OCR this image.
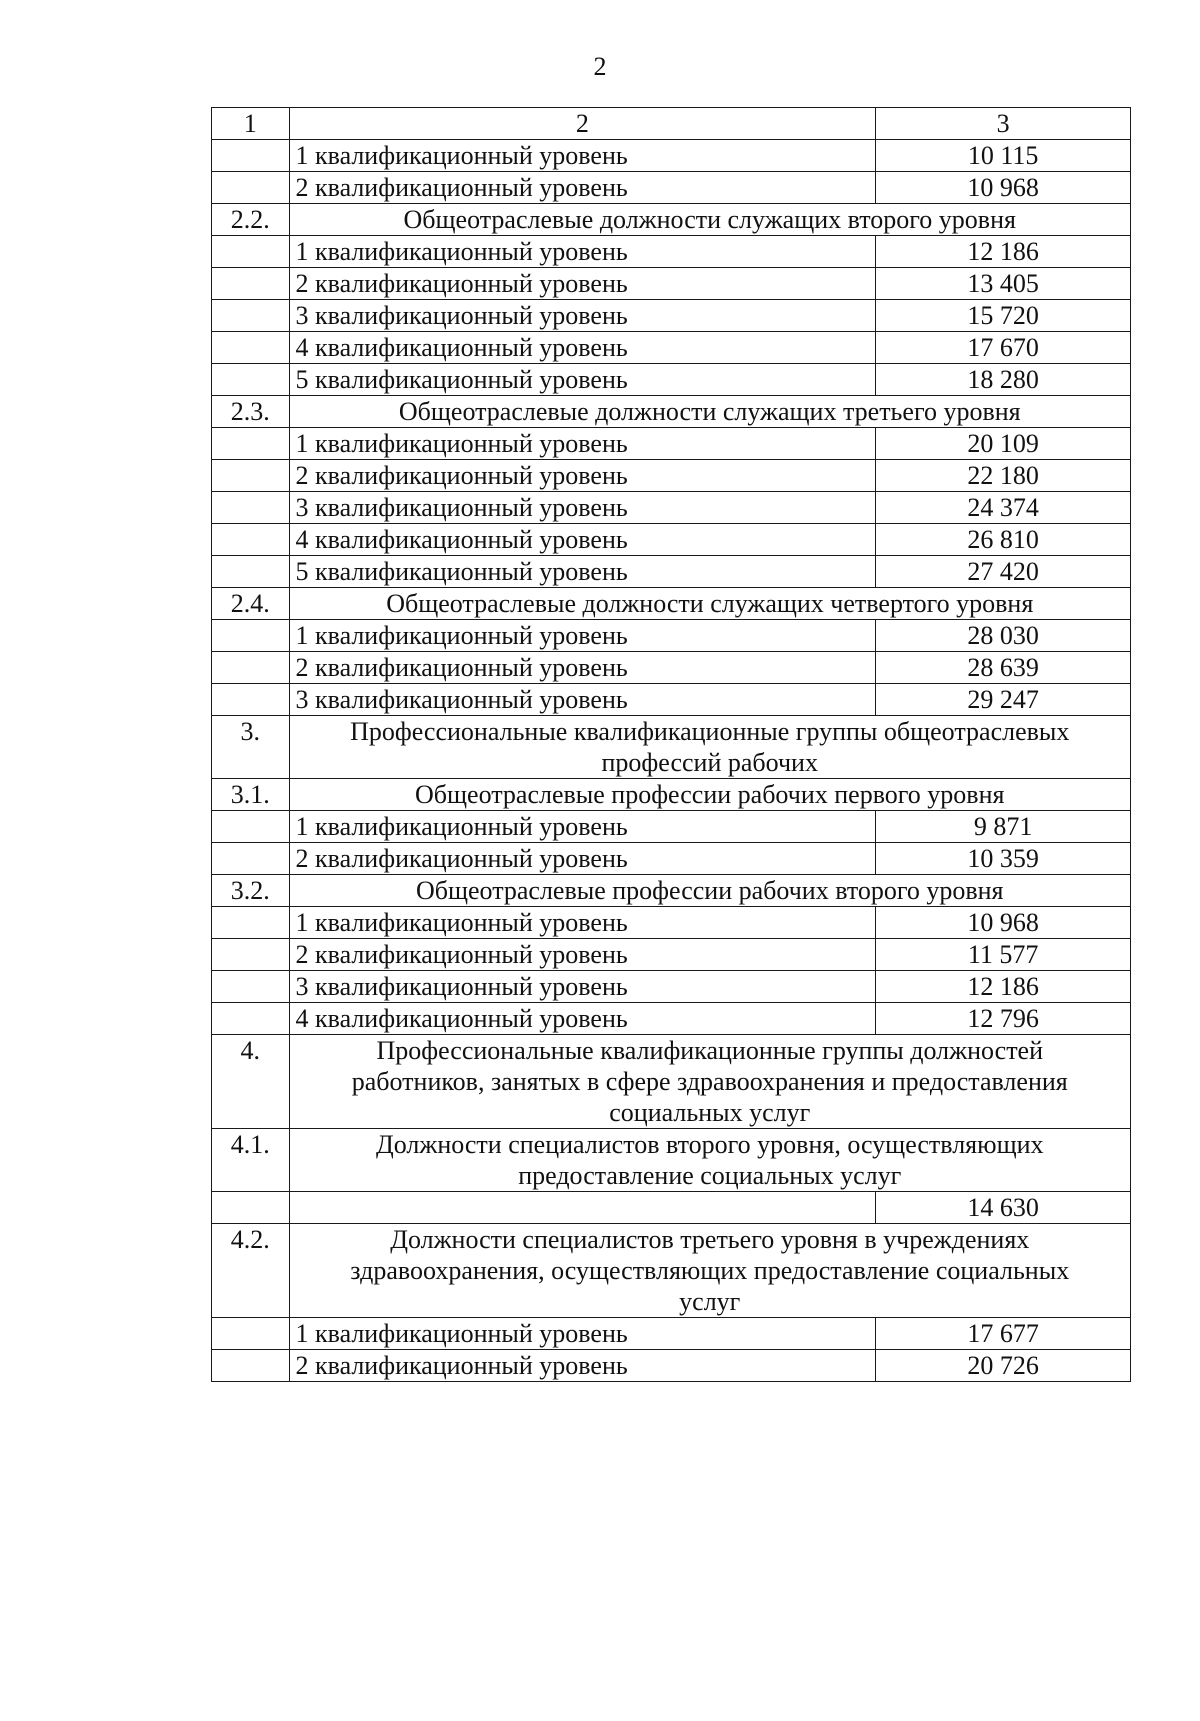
2
1	2	3
	1 квалификационный уровень	10 115
	2 квалификационный уровень	10 968
2.2.	Общеотраслевые должности служащих второго уровня	

	1 квалификационный уровень	12 186
	2 квалификационный уровень	13 405
	3 квалификационный уровень	15 720
	4 квалификационный уровень	17 670
	5 квалификационный уровень	18 280
2.3.	Общеотраслевые должности служащих третьего уровня	

	1 квалификационный уровень	20 109
	2 квалификационный уровень	22 180
	3 квалификационный уровень	24 374
	4 квалификационный уровень	26 810
	5 квалификационный уровень	27 420
2.4.	Общеотраслевые должности служащих четвертого уровня	

	1 квалификационный уровень	28 030
	2 квалификационный уровень	28 639
	3 квалификационный уровень	29 247
3.	Профессиональные квалификационные группы общеотраслевых
профессий рабочих	

3.1.	Общеотраслевые профессии рабочих первого уровня	

	1 квалификационный уровень	9 871
	2 квалификационный уровень	10 359
3.2.	Общеотраслевые профессии рабочих второго уровня	

	1 квалификационный уровень	10 968
	2 квалификационный уровень	11 577
	3 квалификационный уровень	12 186
	4 квалификационный уровень	12 796
4.	Профессиональные квалификационные группы должностей
работников, занятых в сфере здравоохранения и предоставления
социальных услуг	

4.1.	Должности специалистов второго уровня, осуществляющих
предоставление социальных услуг	

		14 630
4.2.	Должности специалистов третьего уровня в учреждениях
здравоохранения, осуществляющих предоставление социальных
услуг	

	1 квалификационный уровень	17 677
	2 квалификационный уровень	20 726
